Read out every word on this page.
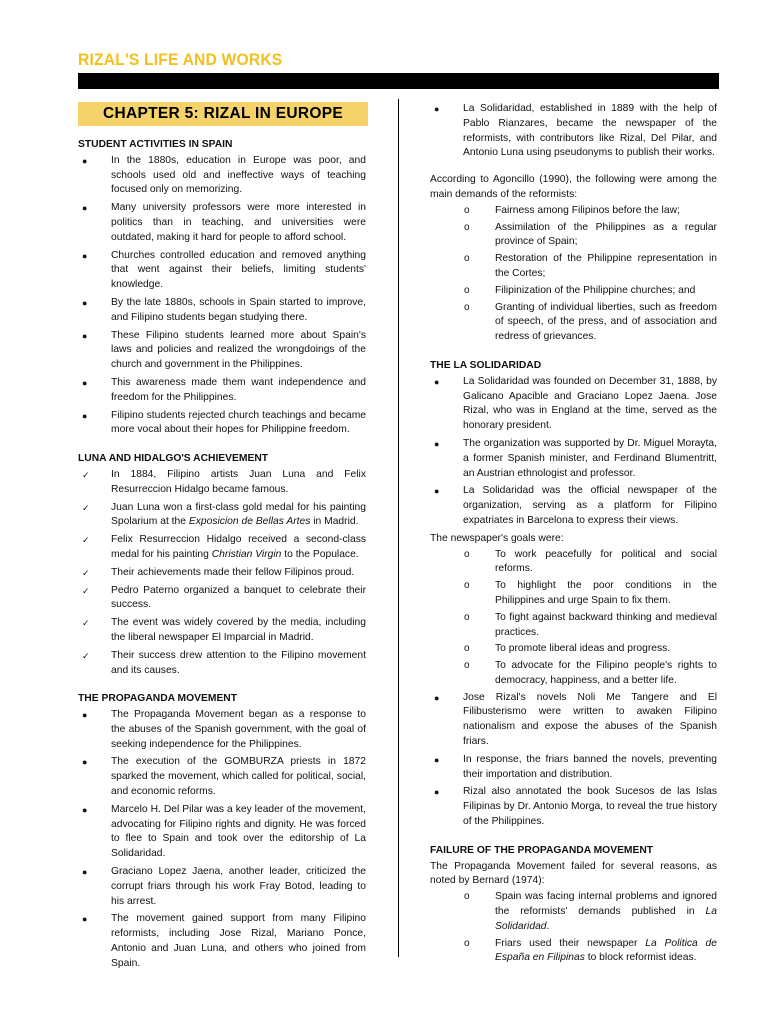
RIZAL'S LIFE AND WORKS
CHAPTER 5: RIZAL IN EUROPE
STUDENT ACTIVITIES IN SPAIN
●	In the 1880s, education in Europe was poor, and schools used old and ineffective ways of teaching focused only on memorizing.
●	Many university professors were more interested in politics than in teaching, and universities were outdated, making it hard for people to afford school.
●	Churches controlled education and removed anything that went against their beliefs, limiting students' knowledge.
●	By the late 1880s, schools in Spain started to improve, and Filipino students began studying there.
●	These Filipino students learned more about Spain's laws and policies and realized the wrongdoings of the church and government in the Philippines.
●	This awareness made them want independence and freedom for the Philippines.
●	Filipino students rejected church teachings and became more vocal about their hopes for Philippine freedom.
LUNA AND HIDALGO'S ACHIEVEMENT
✓	In 1884, Filipino artists Juan Luna and Felix Resurreccion Hidalgo became famous.
✓	Juan Luna won a first-class gold medal for his painting Spolarium at the Exposicion de Bellas Artes in Madrid.
✓	Felix Resurreccion Hidalgo received a second-class medal for his painting Christian Virgin to the Populace.
✓	Their achievements made their fellow Filipinos proud.
✓	Pedro Paterno organized a banquet to celebrate their success.
✓	The event was widely covered by the media, including the liberal newspaper El Imparcial in Madrid.
✓	Their success drew attention to the Filipino movement and its causes.
THE PROPAGANDA MOVEMENT
●	The Propaganda Movement began as a response to the abuses of the Spanish government, with the goal of seeking independence for the Philippines.
●	The execution of the GOMBURZA priests in 1872 sparked the movement, which called for political, social, and economic reforms.
●	Marcelo H. Del Pilar was a key leader of the movement, advocating for Filipino rights and dignity. He was forced to flee to Spain and took over the editorship of La Solidaridad.
●	Graciano Lopez Jaena, another leader, criticized the corrupt friars through his work Fray Botod, leading to his arrest.
●	The movement gained support from many Filipino reformists, including Jose Rizal, Mariano Ponce, Antonio and Juan Luna, and others who joined from Spain.
●	La Solidaridad, established in 1889 with the help of Pablo Rianzares, became the newspaper of the reformists, with contributors like Rizal, Del Pilar, and Antonio Luna using pseudonyms to publish their works.

According to Agoncillo (1990), the following were among the main demands of the reformists:

o	Fairness among Filipinos before the law;
o	Assimilation of the Philippines as a regular province of Spain;
o	Restoration of the Philippine representation in the Cortes;
o	Filipinization of the Philippine churches; and
o	Granting of individual liberties, such as freedom of speech, of the press, and of association and redress of grievances.
THE LA SOLIDARIDAD
●	La Solidaridad was founded on December 31, 1888, by Galicano Apacible and Graciano Lopez Jaena. Jose Rizal, who was in England at the time, served as the honorary president.
●	The organization was supported by Dr. Miguel Morayta, a former Spanish minister, and Ferdinand Blumentritt, an Austrian ethnologist and professor.
●	La Solidaridad was the official newspaper of the organization, serving as a platform for Filipino expatriates in Barcelona to express their views.

The newspaper's goals were:

o	To work peacefully for political and social reforms.
o	To highlight the poor conditions in the Philippines and urge Spain to fix them.
o	To fight against backward thinking and medieval practices.
o	To promote liberal ideas and progress.
o	To advocate for the Filipino people's rights to democracy, happiness, and a better life.
●	Jose Rizal's novels Noli Me Tangere and El Filibusterismo were written to awaken Filipino nationalism and expose the abuses of the Spanish friars.
●	In response, the friars banned the novels, preventing their importation and distribution.
●	Rizal also annotated the book Sucesos de las Islas Filipinas by Dr. Antonio Morga, to reveal the true history of the Philippines.
FAILURE OF THE PROPAGANDA MOVEMENT

The Propaganda Movement failed for several reasons, as noted by Bernard (1974):

o	Spain was facing internal problems and ignored the reformists' demands published in La Solidaridad.
o	Friars used their newspaper La Politica de España en Filipinas to block reformist ideas.
